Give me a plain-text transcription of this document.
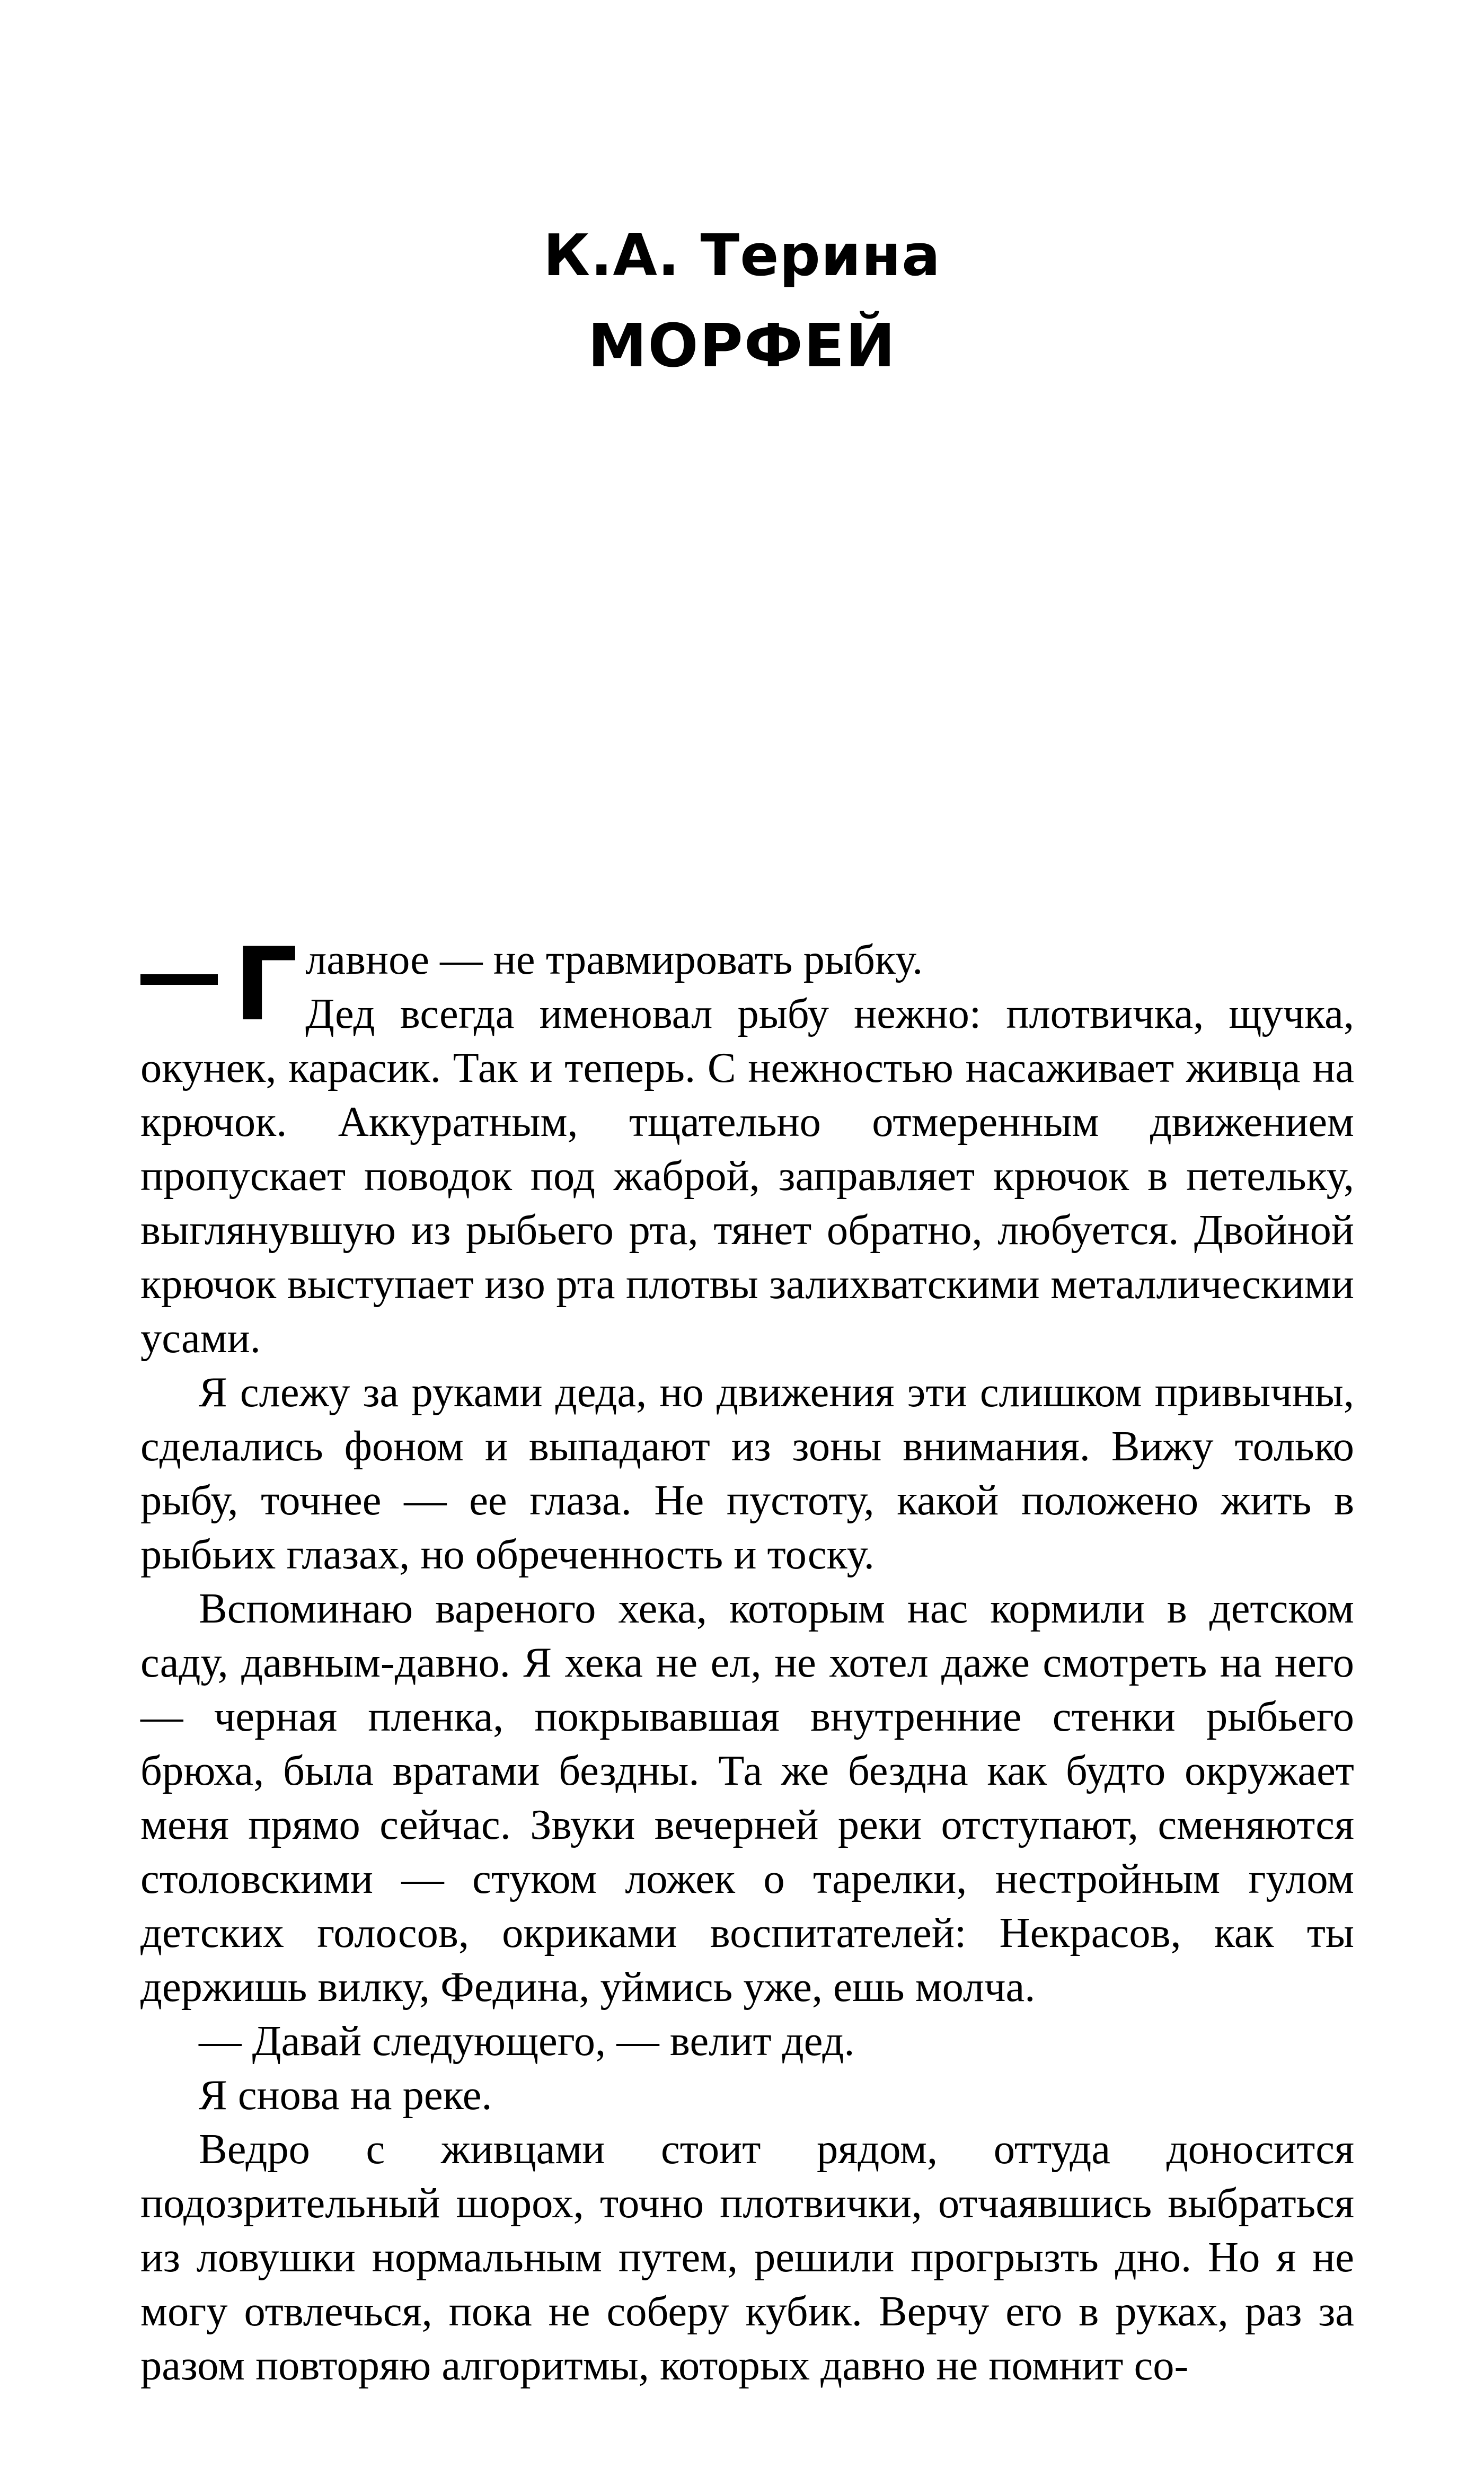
К.А. Терина
МОРФЕЙ
Г лавное — не травмировать рыбку.

Дед всегда именовал рыбу нежно: плотвичка, щучка, окунек, карасик. Так и теперь. С нежностью насаживает живца на крючок. Аккуратным, тщательно отмеренным движением пропускает поводок под жаброй, заправляет крючок в петельку, выглянувшую из рыбьего рта, тянет обратно, любуется. Двойной крючок выступает изо рта плотвы залихватскими металлическими усами.

Я слежу за руками деда, но движения эти слишком привычны, сделались фоном и выпадают из зоны внимания. Вижу только рыбу, точнее — ее глаза. Не пустоту, какой положено жить в рыбьих глазах, но обреченность и тоску.

Вспоминаю вареного хека, которым нас кормили в детском саду, давным-давно. Я хека не ел, не хотел даже смотреть на него — черная пленка, покрывавшая внутренние стенки рыбьего брюха, была вратами бездны. Та же бездна как будто окружает меня прямо сейчас. Звуки вечерней реки отступают, сменяются столовскими — стуком ложек о тарелки, нестройным гулом детских голосов, окриками воспитателей: Некрасов, как ты держишь вилку, Федина, уймись уже, ешь молча.

— Давай следующего, — велит дед.

Я снова на реке.

Ведро с живцами стоит рядом, оттуда доносится подозрительный шорох, точно плотвички, отчаявшись выбраться из ловушки нормальным путем, решили прогрызть дно. Но я не могу отвлечься, пока не соберу кубик. Верчу его в руках, раз за разом повторяю алгоритмы, которых давно не помнит со-
